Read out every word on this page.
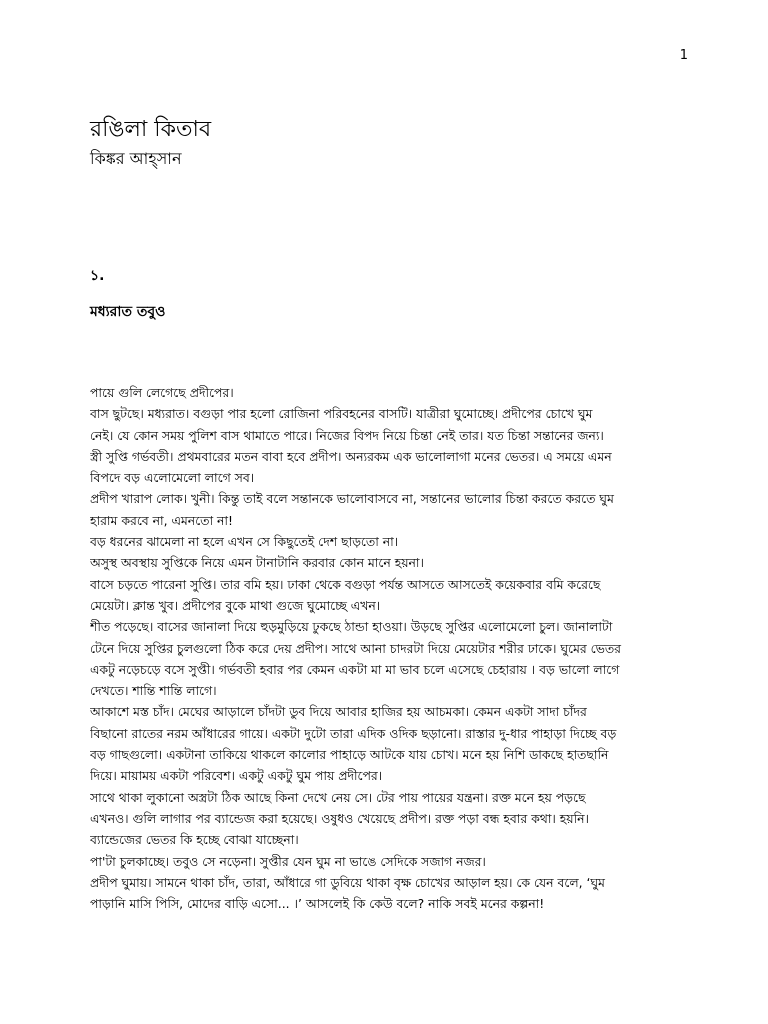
1
রঙিলা কিতাব
কিঙ্কর আহ্‌সান
১.
মধ্যরাত তবুও
পায়ে গুলি লেগেছে প্রদীপের।
বাস ছুটছে। মধ্যরাত। বগুড়া পার হলো রোজিনা পরিবহনের বাসটি। যাত্রীরা ঘুমোচ্ছে। প্রদীপের চোখে ঘুম
নেই। যে কোন সময় পুলিশ বাস থামাতে পারে। নিজের বিপদ নিয়ে চিন্তা নেই তার। যত চিন্তা সন্তানের জন্য।
স্ত্রী সুপ্তি গর্ভবতী। প্রথমবারের মতন বাবা হবে প্রদীপ। অন্যরকম এক ভালোলাগা মনের ভেতর। এ সময়ে এমন
বিপদে বড় এলোমেলো লাগে সব।
প্রদীপ খারাপ লোক। খুনী। কিন্তু তাই বলে সন্তানকে ভালোবাসবে না, সন্তানের ভালোর চিন্তা করতে করতে ঘুম
হারাম করবে না, এমনতো না!
বড় ধরনের ঝামেলা না হলে এখন সে কিছুতেই দেশ ছাড়তো না।
অসুস্থ অবস্থায় সুপ্তিকে নিয়ে এমন টানাটানি করবার কোন মানে হয়না।
বাসে চড়তে পারেনা সুপ্তি। তার বমি হয়। ঢাকা থেকে বগুড়া পর্যন্ত আসতে আসতেই কয়েকবার বমি করেছে
মেয়েটা। ক্লান্ত খুব। প্রদীপের বুকে মাথা গুজে ঘুমোচ্ছে এখন।
শীত পড়েছে। বাসের জানালা দিয়ে হুড়মুড়িয়ে ঢুকছে ঠান্ডা হাওয়া। উড়ছে সুপ্তির এলোমেলো চুল। জানালাটা
টেনে দিয়ে সুপ্তির চুলগুলো ঠিক করে দেয় প্রদীপ। সাথে আনা চাদরটা দিয়ে মেয়েটার শরীর ঢাকে। ঘুমের ভেতর
একটু নড়েচড়ে বসে সুপ্তী। গর্ভবতী হবার পর কেমন একটা মা মা ভাব চলে এসেছে চেহারায় । বড় ভালো লাগে
দেখতে। শান্তি শান্তি লাগে।
আকাশে মস্ত চাঁদ। মেঘের আড়ালে চাঁদটা ডুব দিয়ে আবার হাজির হয় আচমকা। কেমন একটা সাদা চাঁদর
বিছানো রাতের নরম আঁধারের গায়ে। একটা দুটো তারা এদিক ওদিক ছড়ানো। রাস্তার দু-ধার পাহাড়া দিচ্ছে বড়
বড় গাছগুলো। একটানা তাকিয়ে থাকলে কালোর পাহাড়ে আটকে যায় চোখ। মনে হয় নিশি ডাকছে হাতছানি
দিয়ে। মায়াময় একটা পরিবেশ। একটু একটু ঘুম পায় প্রদীপের।
সাথে থাকা লুকানো অস্ত্রটা ঠিক আছে কিনা দেখে নেয় সে। টের পায় পায়ের যন্ত্রনা। রক্ত মনে হয় পড়ছে
এখনও। গুলি লাগার পর ব্যান্ডেজ করা হয়েছে। ওষুধও খেয়েছে প্রদীপ। রক্ত পড়া বন্ধ হবার কথা। হয়নি।
ব্যান্ডেজের ভেতর কি হচ্ছে বোঝা যাচ্ছেনা।
পা'টা চুলকাচ্ছে। তবুও সে নড়েনা। সুপ্তীর যেন ঘুম না ভাঙে সেদিকে সজাগ নজর।
প্রদীপ ঘুমায়। সামনে থাকা চাঁদ, তারা, আঁধারে গা ডুবিয়ে থাকা বৃক্ষ চোখের আড়াল হয়। কে যেন বলে, ‘ঘুম
পাড়ানি মাসি পিসি, মোদের বাড়ি এসো... ।’ আসলেই কি কেউ বলে? নাকি সবই মনের কল্পনা!
